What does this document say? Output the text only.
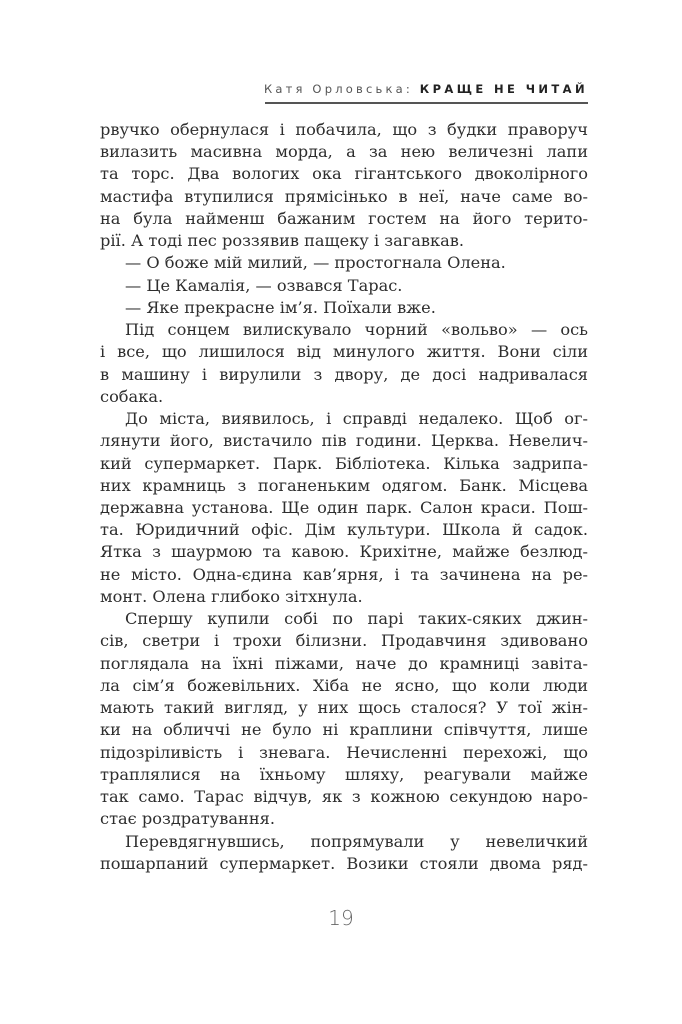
Катя Орловська: КРАЩЕ НЕ ЧИТАЙ
рвучко обернулася і побачила, що з будки праворуч
вилазить масивна морда, а за нею величезні лапи
та торс. Два вологих ока гігантського двоколірного
мастифа втупилися прямісінько в неї, наче саме во-
на була найменш бажаним гостем на його терито-
рії. А тоді пес роззявив пащеку і загавкав.
— О боже мій милий, — простогнала Олена.
— Це Камалія, — озвався Тарас.
— Яке прекрасне ім’я. Поїхали вже.
Під сонцем вилискувало чорний «вольво» — ось
і все, що лишилося від минулого життя. Вони сіли
в машину і вирулили з двору, де досі надривалася
собака.
До міста, виявилось, і справді недалеко. Щоб ог-
лянути його, вистачило пів години. Церква. Невелич-
кий супермаркет. Парк. Бібліотека. Кілька задрипа-
них крамниць з поганеньким одягом. Банк. Місцева
державна установа. Ще один парк. Салон краси. Пош-
та. Юридичний офіс. Дім культури. Школа й садок.
Ятка з шаурмою та кавою. Крихітне, майже безлюд-
не місто. Одна-єдина кав’ярня, і та зачинена на ре-
монт. Олена глибоко зітхнула.
Спершу купили собі по парі таких-сяких джин-
сів, светри і трохи білизни. Продавчиня здивовано
поглядала на їхні піжами, наче до крамниці завіта-
ла сім’я божевільних. Хіба не ясно, що коли люди
мають такий вигляд, у них щось сталося? У тої жін-
ки на обличчі не було ні краплини співчуття, лише
підозріливість і зневага. Нечисленні перехожі, що
траплялися на їхньому шляху, реагували майже
так само. Тарас відчув, як з кожною секундою наро-
стає роздратування.
Перевдягнувшись, попрямували у невеличкий
пошарпаний супермаркет. Возики стояли двома ряд-
19
